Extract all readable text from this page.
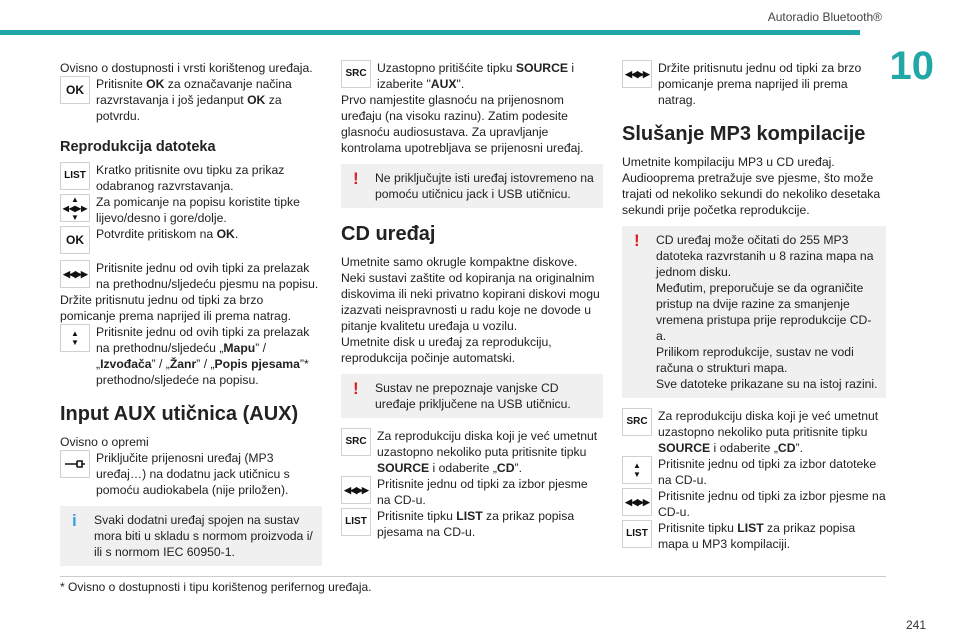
Autoradio Bluetooth®
10

Ovisno o dostupnosti i vrsti korištenog uređaja.

OK Pritisnite OK za označavanje načina razvrstavanja i još jedanput OK za potvrdu.
Reprodukcija datoteka
LIST Kratko pritisnite ovu tipku za prikaz odabranog razvrstavanja.
▲
◀◀▶▶
▼
Za pomicanje na popisu koristite tipke lijevo/desno i gore/dolje.
OK Potvrdite pritiskom na OK.
◀◀▶▶ Pritisnite jednu od ovih tipki za prelazak na prethodnu/sljedeću pjesmu na popisu.

Držite pritisnutu jednu od tipki za brzo pomicanje prema naprijed ili prema natrag.

▲
▼
Pritisnite jednu od ovih tipki za prelazak na prethodnu/sljedeću „Mapu” / „Izvođača” / „Žanr” / „Popis pjesama”* prethodno/sljedeće na popisu.
Input AUX utičnica (AUX)

Ovisno o opremi

Priključite prijenosni uređaj (MP3 uređaj…) na dodatnu jack utičnicu s pomoću audiokabela (nije priložen).
i Svaki dodatni uređaj spojen na sustav mora biti u skladu s normom proizvoda i/ ili s normom IEC 60950-1.
SRC Uzastopno pritišćite tipku SOURCE i izaberite "AUX".

Prvo namjestite glasnoću na prijenosnom uređaju (na visoku razinu). Zatim podesite glasnoću audiosustava. Za upravljanje kontrolama upotrebljava se prijenosni uređaj.

! Ne priključujte isti uređaj istovremeno na pomoću utičnicu jack i USB utičnicu.
CD uređaj

Umetnite samo okrugle kompaktne diskove. Neki sustavi zaštite od kopiranja na originalnim diskovima ili neki privatno kopirani diskovi mogu izazvati neispravnosti u radu koje ne dovode u pitanje kvalitetu uređaja u vozilu.
Umetnite disk u uređaj za reprodukciju, reprodukcija počinje automatski.

! Sustav ne prepoznaje vanjske CD uređaje priključene na USB utičnicu.
SRC Za reprodukciju diska koji je već umetnut uzastopno nekoliko puta pritisnite tipku SOURCE i odaberite „CD”.
◀◀▶▶ Pritisnite jednu od tipki za izbor pjesme na CD-u.
LIST Pritisnite tipku LIST za prikaz popisa pjesama na CD-u.
◀◀▶▶ Držite pritisnutu jednu od tipki za brzo pomicanje prema naprijed ili prema natrag.
Slušanje MP3 kompilacije

Umetnite kompilaciju MP3 u CD uređaj.
Audiooprema pretražuje sve pjesme, što može trajati od nekoliko sekundi do nekoliko desetaka sekundi prije početka reprodukcije.

! CD uređaj može očitati do 255 MP3 datoteka razvrstanih u 8 razina mapa na jednom disku.
Međutim, preporučuje se da ograničite pristup na dvije razine za smanjenje vremena pristupa prije reprodukcije CD-a.
Prilikom reprodukcije, sustav ne vodi računa o strukturi mapa.
Sve datoteke prikazane su na istoj razini.
SRC Za reprodukciju diska koji je već umetnut uzastopno nekoliko puta pritisnite tipku SOURCE i odaberite „CD”.
▲
▼
Pritisnite jednu od tipki za izbor datoteke na CD-u.
◀◀▶▶ Pritisnite jednu od tipki za izbor pjesme na CD-u.
LIST Pritisnite tipku LIST za prikaz popisa mapa u MP3 kompilaciji.
* Ovisno o dostupnosti i tipu korištenog perifernog uređaja.
241
